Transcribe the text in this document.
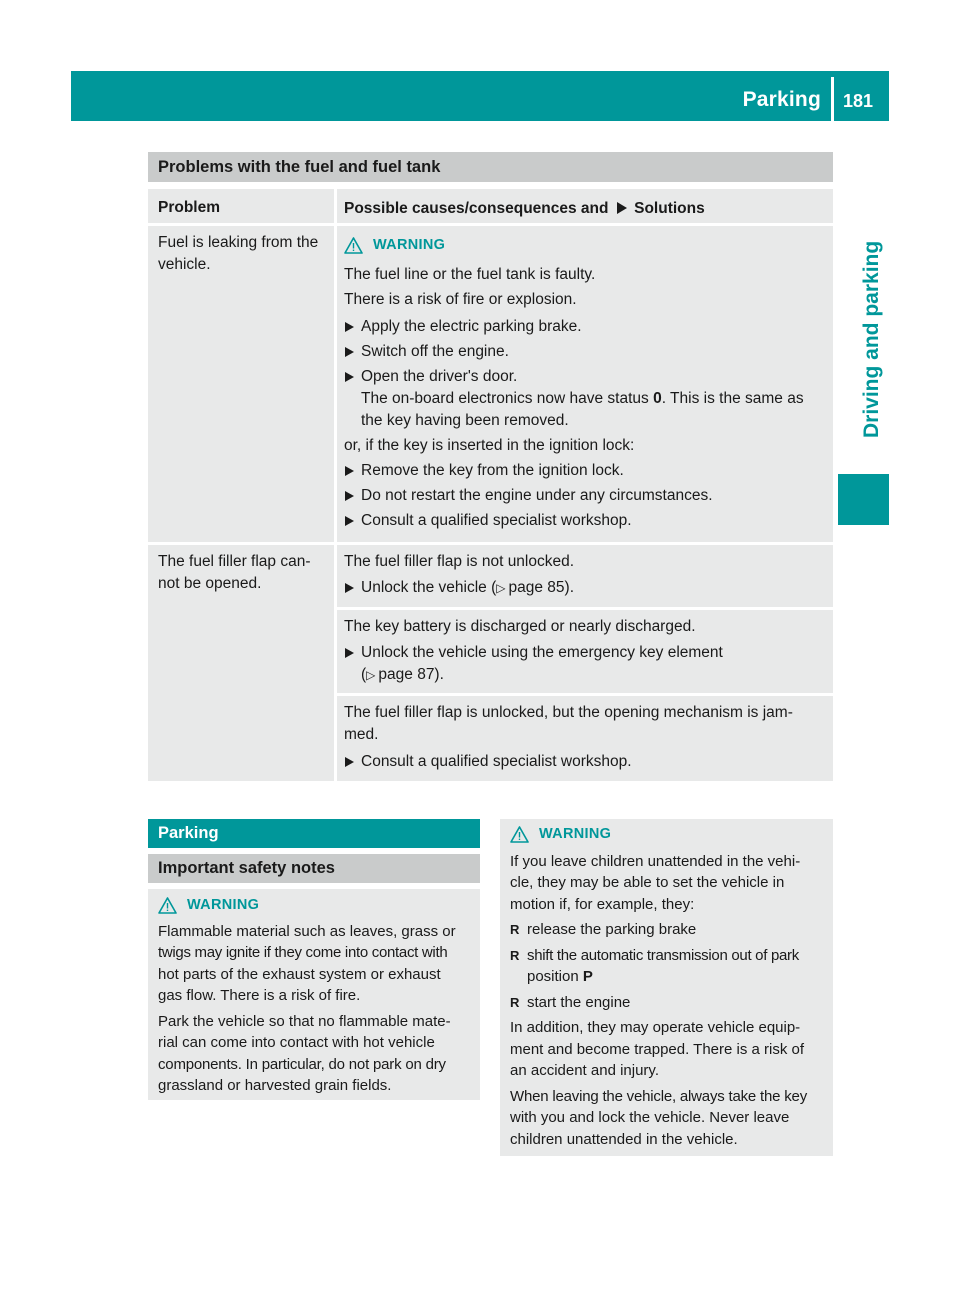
Parking 181
Driving and parking
Problems with the fuel and fuel tank
Problem	Possible causes/consequences and Solutions
Fuel is leaking from the
vehicle.
WARNING
The fuel line or the fuel tank is faulty.
There is a risk of fire or explosion.
Apply the electric parking brake.
Switch off the engine.
Open the driver's door.
The on-board electronics now have status 0. This is the same as
the key having been removed.
or, if the key is inserted in the ignition lock:
Remove the key from the ignition lock.
Do not restart the engine under any circumstances.
Consult a qualified specialist workshop.
The fuel filler flap can-
not be opened.
The fuel filler flap is not unlocked.
Unlock the vehicle (▷ page 85).
The key battery is discharged or nearly discharged.
Unlock the vehicle using the emergency key element
(▷ page 87).
The fuel filler flap is unlocked, but the opening mechanism is jam-
med.
Consult a qualified specialist workshop.
Parking
Important safety notes
WARNING
Flammable material such as leaves, grass or
twigs may ignite if they come into contact with
hot parts of the exhaust system or exhaust
gas flow. There is a risk of fire.
Park the vehicle so that no flammable mate-
rial can come into contact with hot vehicle
components. In particular, do not park on dry
grassland or harvested grain fields.
WARNING
If you leave children unattended in the vehi-
cle, they may be able to set the vehicle in
motion if, for example, they:
R release the parking brake
R shift the automatic transmission out of park
position P
R start the engine
In addition, they may operate vehicle equip-
ment and become trapped. There is a risk of
an accident and injury.
When leaving the vehicle, always take the key
with you and lock the vehicle. Never leave
children unattended in the vehicle.
